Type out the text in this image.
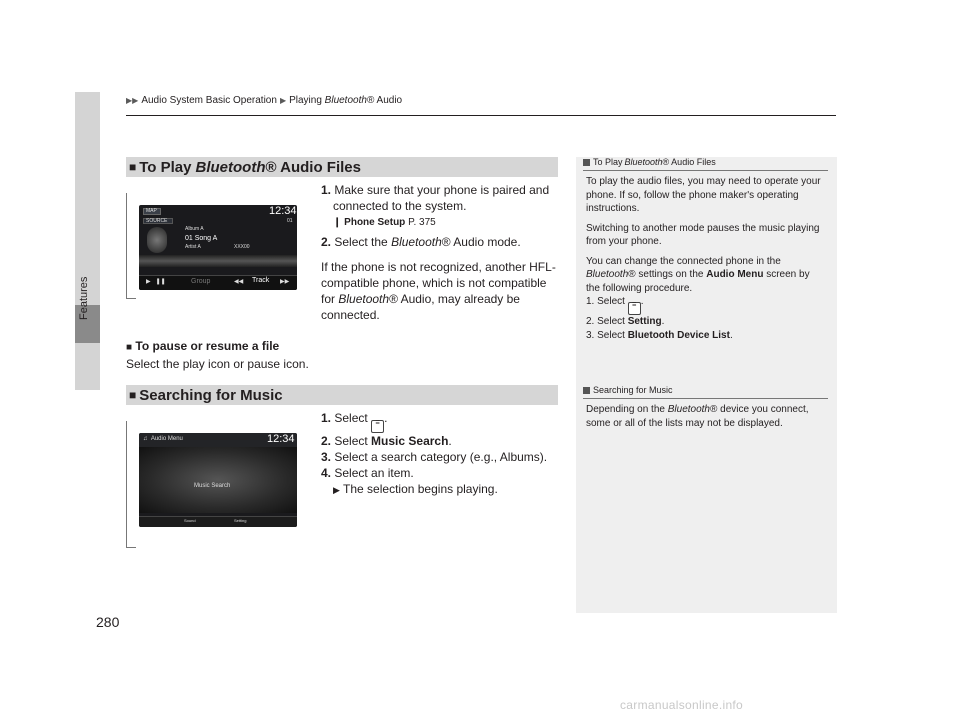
▶▶ Audio System Basic Operation ▶ Playing Bluetooth® Audio
Features
■ To Play Bluetooth ® Audio Files
MAP	12:34
SOURCE
Album A
01 Song A
Artist A	XXX00
01
▶   ❚❚	Group	◀◀ Track ▶▶
1. Make sure that your phone is paired and
connected to the system.
❙ Phone Setup P. 375
2. Select the Bluetooth® Audio mode.
If the phone is not recognized, another HFL-
compatible phone, which is not compatible
for Bluetooth® Audio, may already be
connected.
■ To pause or resume a file
Select the play icon or pause icon.
■ Searching for Music
♫  Audio Menu	12:34
Music Search
Sound	Setting
1. Select ☰ .
2. Select Music Search.
3. Select a search category (e.g., Albums).
4. Select an item.
▶ The selection begins playing.
To Play Bluetooth ® Audio Files
To play the audio files, you may need to operate your
phone. If so, follow the phone maker's operating
instructions.
Switching to another mode pauses the music playing
from your phone.
You can change the connected phone in the
Bluetooth® settings on the Audio Menu screen by
the following procedure.
1. Select ☰ .
2. Select Setting.
3. Select Bluetooth Device List.
Searching for Music
Depending on the Bluetooth® device you connect,
some or all of the lists may not be displayed.
280
carmanualsonline.info
